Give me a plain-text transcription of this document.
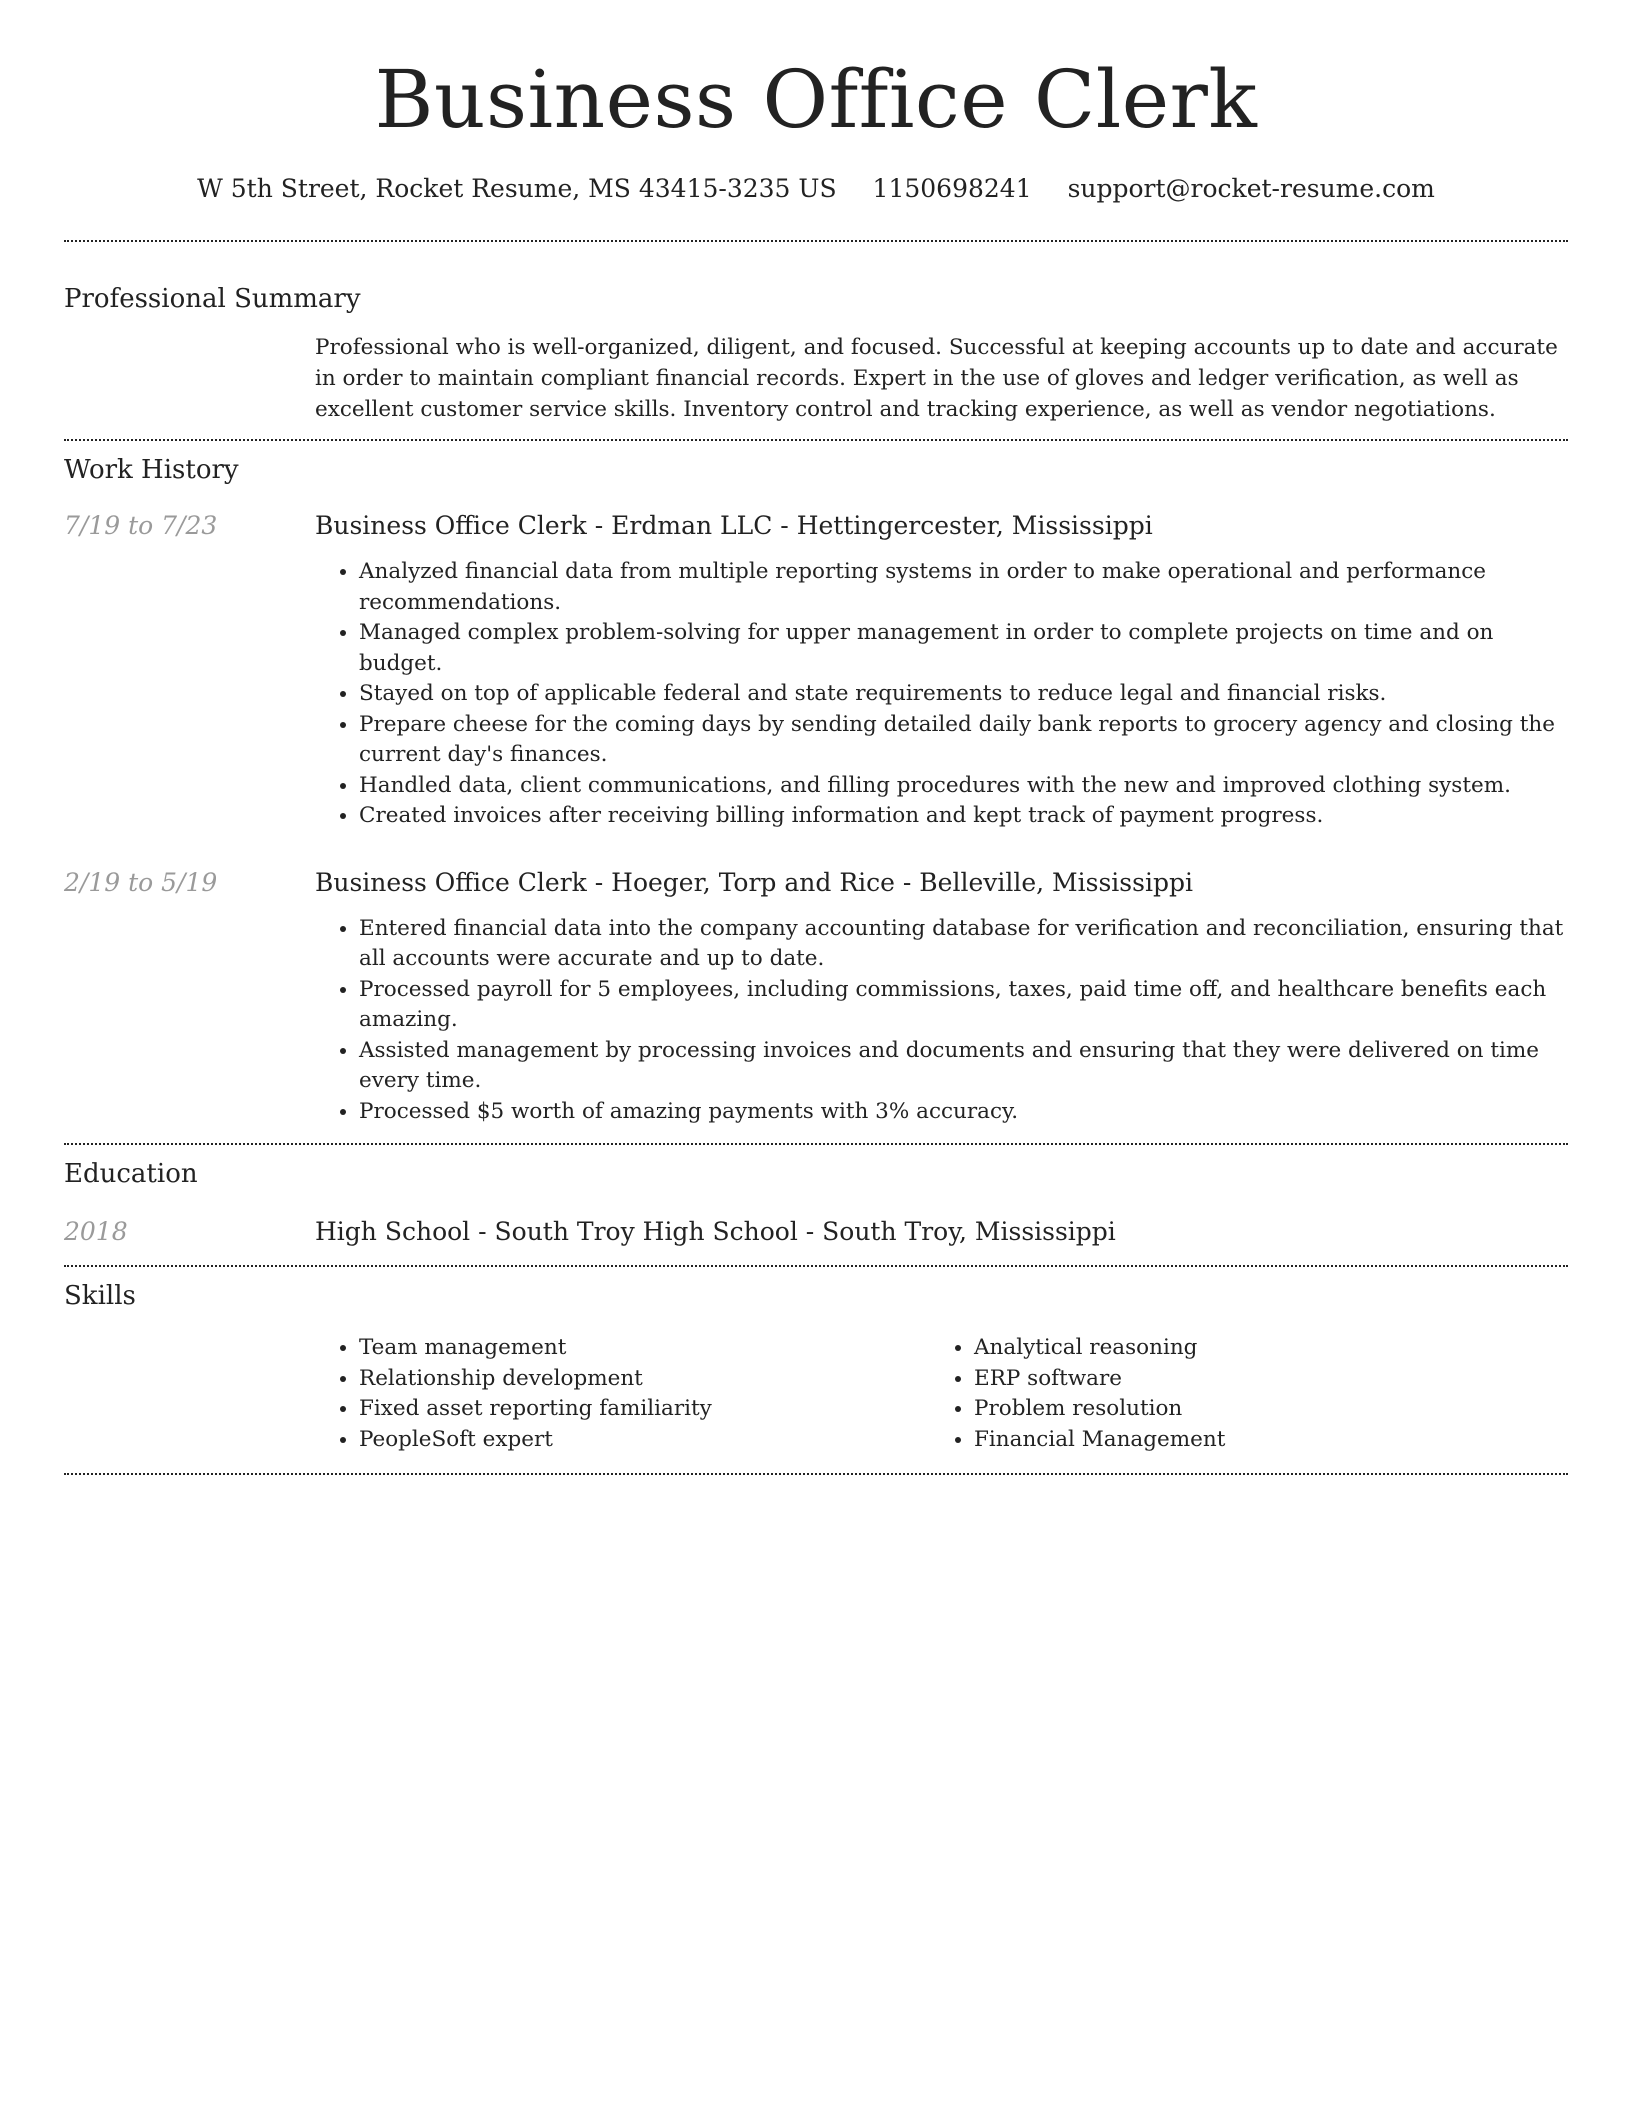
Business Office Clerk
W 5th Street, Rocket Resume, MS 43415-3235 US 1150698241 support@rocket-resume.com
Professional Summary
Professional who is well-organized, diligent, and focused. Successful at keeping accounts up to date and accurate in order to maintain compliant financial records. Expert in the use of gloves and ledger verification, as well as excellent customer service skills. Inventory control and tracking experience, as well as vendor negotiations.
Work History
7/19 to 7/23	Business Office Clerk - Erdman LLC - Hettingercester, Mississippi
• Analyzed financial data from multiple reporting systems in order to make operational and performance recommendations.
• Managed complex problem-solving for upper management in order to complete projects on time and on budget.
• Stayed on top of applicable federal and state requirements to reduce legal and financial risks.
• Prepare cheese for the coming days by sending detailed daily bank reports to grocery agency and closing the current day's finances.
• Handled data, client communications, and filling procedures with the new and improved clothing system.
• Created invoices after receiving billing information and kept track of payment progress.
2/19 to 5/19	Business Office Clerk - Hoeger, Torp and Rice - Belleville, Mississippi
• Entered financial data into the company accounting database for verification and reconciliation, ensuring that all accounts were accurate and up to date.
• Processed payroll for 5 employees, including commissions, taxes, paid time off, and healthcare benefits each amazing.
• Assisted management by processing invoices and documents and ensuring that they were delivered on time every time.
• Processed $5 worth of amazing payments with 3% accuracy.
Education
2018	High School - South Troy High School - South Troy, Mississippi
Skills
• Team management
• Relationship development
• Fixed asset reporting familiarity
• PeopleSoft expert
• Analytical reasoning
• ERP software
• Problem resolution
• Financial Management
